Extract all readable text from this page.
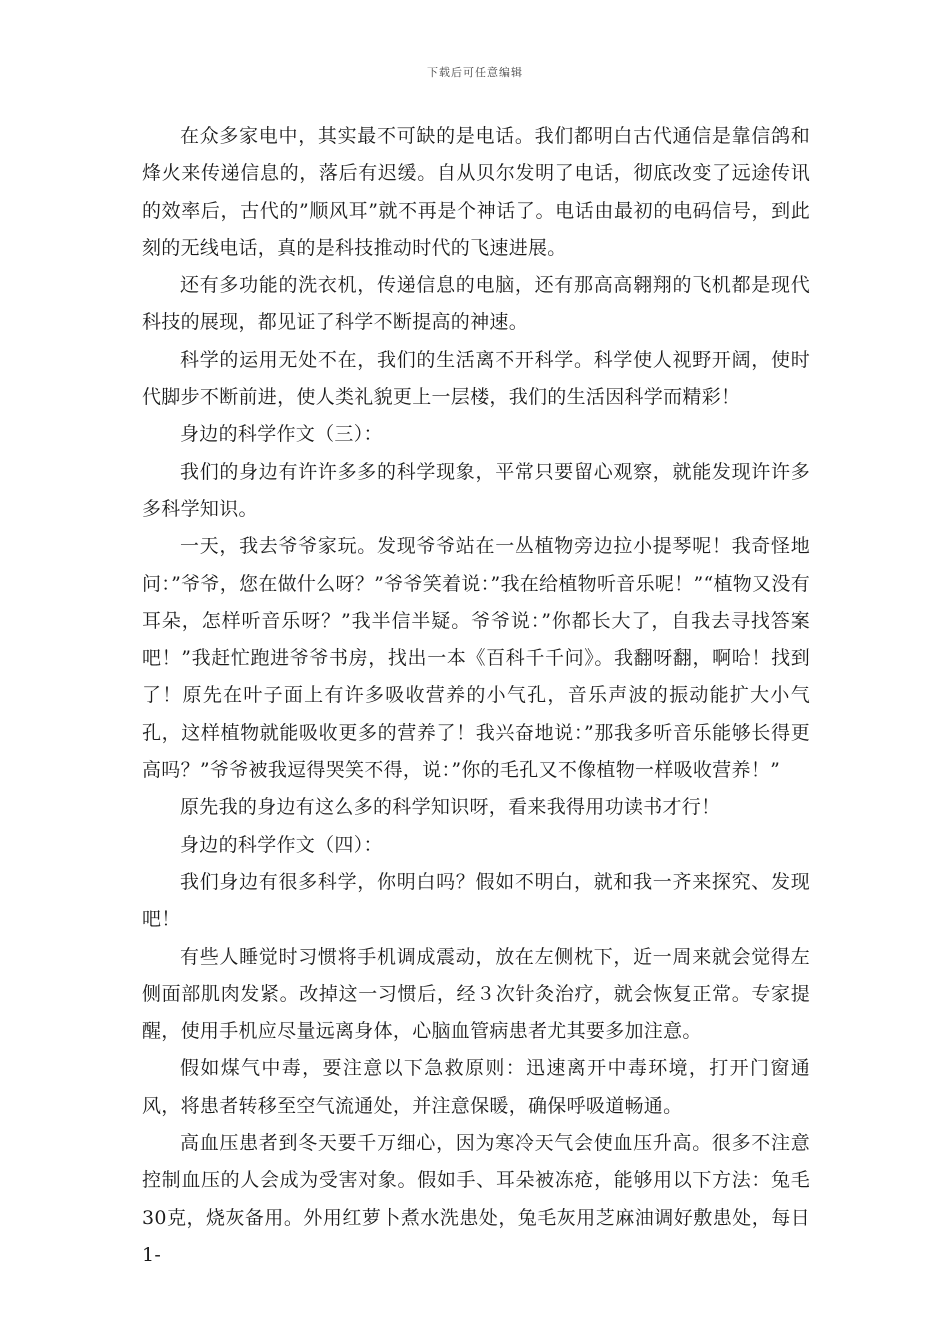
下载后可任意编辑

在众多家电中，其实最不可缺的是电话。我们都明白古代通信是靠信鸽和烽火来传递信息的，落后有迟缓。自从贝尔发明了电话，彻底改变了远途传讯的效率后，古代的”顺风耳”就不再是个神话了。电话由最初的电码信号，到此刻的无线电话，真的是科技推动时代的飞速进展。

还有多功能的洗衣机，传递信息的电脑，还有那高高翱翔的飞机都是现代科技的展现，都见证了科学不断提高的神速。

科学的运用无处不在，我们的生活离不开科学。科学使人视野开阔，使时代脚步不断前进，使人类礼貌更上一层楼，我们的生活因科学而精彩！

身边的科学作文（三）：

我们的身边有许许多多的科学现象，平常只要留心观察，就能发现许许多多科学知识。

一天，我去爷爷家玩。发现爷爷站在一丛植物旁边拉小提琴呢！我奇怪地问：”爷爷，您在做什么呀？”爷爷笑着说：”我在给植物听音乐呢！”“植物又没有耳朵，怎样听音乐呀？”我半信半疑。爷爷说：”你都长大了，自我去寻找答案吧！”我赶忙跑进爷爷书房，找出一本《百科千千问》。我翻呀翻，啊哈！找到了！原先在叶子面上有许多吸收营养的小气孔，音乐声波的振动能扩大小气孔，这样植物就能吸收更多的营养了！我兴奋地说：”那我多听音乐能够长得更高吗？”爷爷被我逗得哭笑不得，说：”你的毛孔又不像植物一样吸收营养！”

原先我的身边有这么多的科学知识呀，看来我得用功读书才行！

身边的科学作文（四）：

我们身边有很多科学，你明白吗？假如不明白，就和我一齐来探究、发现吧！

有些人睡觉时习惯将手机调成震动，放在左侧枕下，近一周来就会觉得左侧面部肌肉发紧。改掉这一习惯后，经３次针灸治疗，就会恢复正常。专家提醒，使用手机应尽量远离身体，心脑血管病患者尤其要多加注意。

假如煤气中毒，要注意以下急救原则：迅速离开中毒环境，打开门窗通风，将患者转移至空气流通处，并注意保暖，确保呼吸道畅通。

高血压患者到冬天要千万细心，因为寒冷天气会使血压升高。很多不注意控制血压的人会成为受害对象。假如手、耳朵被冻疮，能够用以下方法：兔毛30克，烧灰备用。外用红萝卜煮水洗患处，兔毛灰用芝麻油调好敷患处，每日1-
